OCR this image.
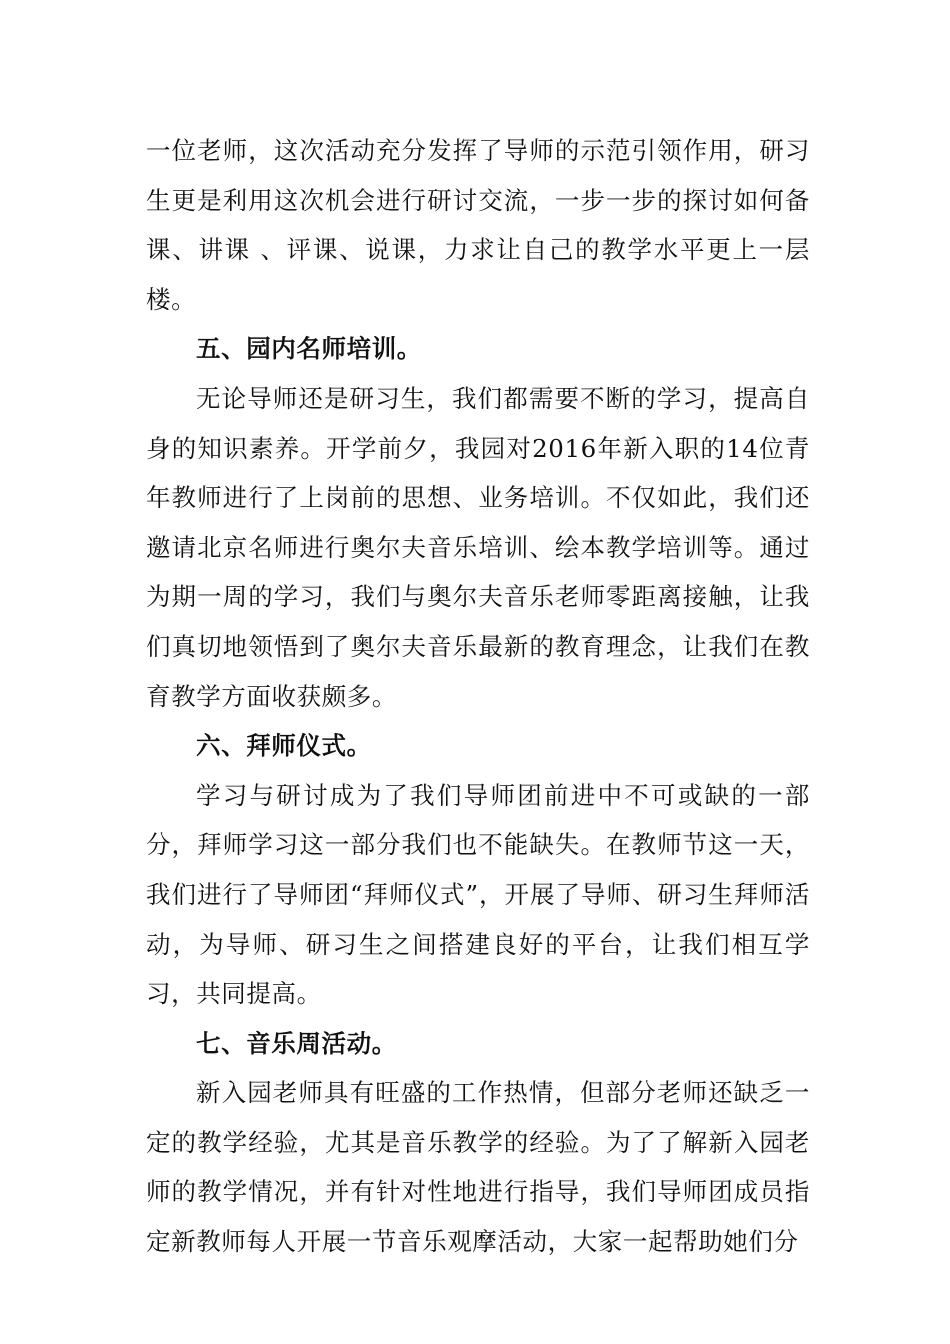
一位老师，这次活动充分发挥了导师的示范引领作用，研习生更是利用这次机会进行研讨交流，一步一步的探讨如何备课、讲课 、评课、说课，力求让自己的教学水平更上一层楼。

五、园内名师培训。

无论导师还是研习生，我们都需要不断的学习，提高自身的知识素养。开学前夕，我园对2016年新入职的14位青年教师进行了上岗前的思想、业务培训。不仅如此，我们还邀请北京名师进行奥尔夫音乐培训、绘本教学培训等。通过为期一周的学习，我们与奥尔夫音乐老师零距离接触，让我们真切地领悟到了奥尔夫音乐最新的教育理念，让我们在教育教学方面收获颇多。

六、拜师仪式。

学习与研讨成为了我们导师团前进中不可或缺的一部分，拜师学习这一部分我们也不能缺失。在教师节这一天，我们进行了导师团“拜师仪式”，开展了导师、研习生拜师活动，为导师、研习生之间搭建良好的平台，让我们相互学习，共同提高。

七、音乐周活动。

新入园老师具有旺盛的工作热情，但部分老师还缺乏一定的教学经验，尤其是音乐教学的经验。为了了解新入园老师的教学情况，并有针对性地进行指导，我们导师团成员指定新教师每人开展一节音乐观摩活动，大家一起帮助她们分
